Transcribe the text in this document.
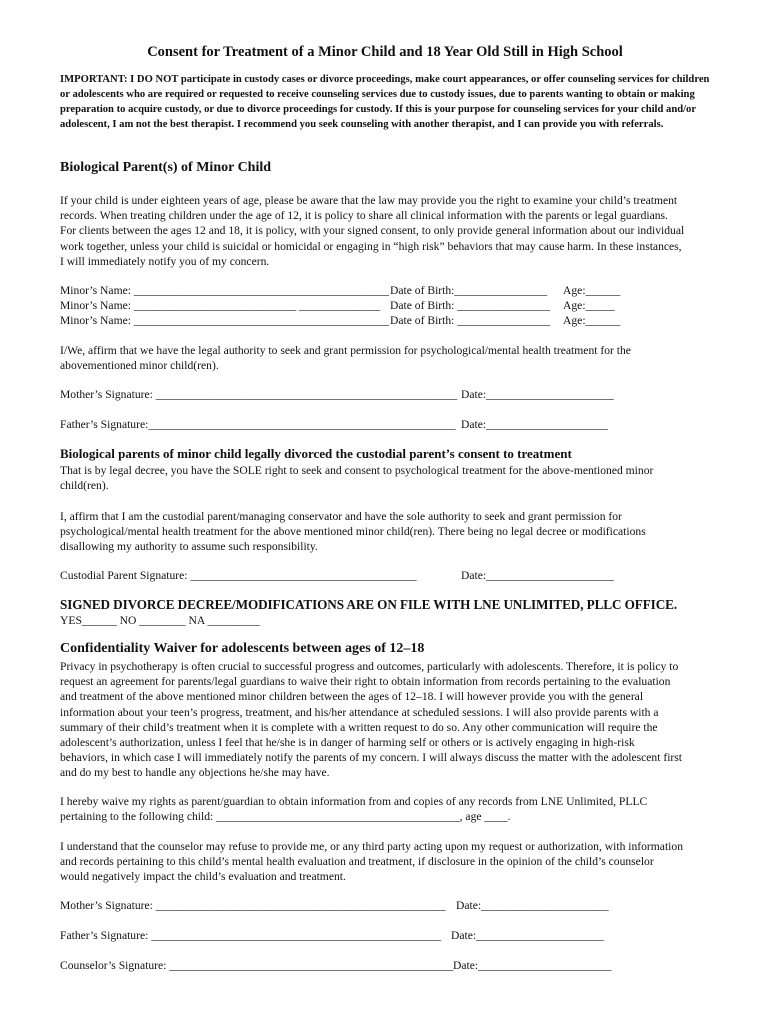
Consent for Treatment of a Minor Child and 18 Year Old Still in High School
IMPORTANT: I DO NOT participate in custody cases or divorce proceedings, make court appearances, or offer counseling services for children or adolescents who are required or requested to receive counseling services due to custody issues, due to parents wanting to obtain or making preparation to acquire custody, or due to divorce proceedings for custody. If this is your purpose for counseling services for your child and/or adolescent, I am not the best therapist. I recommend you seek counseling with another therapist, and I can provide you with referrals.
Biological Parent(s) of Minor Child
If your child is under eighteen years of age, please be aware that the law may provide you the right to examine your child’s treatment
records. When treating children under the age of 12, it is policy to share all clinical information with the parents or legal guardians.
For clients between the ages 12 and 18, it is policy, with your signed consent, to only provide general information about our individual
work together, unless your child is suicidal or homicidal or engaging in “high risk” behaviors that may cause harm. In these instances,
I will immediately notify you of my concern.
Minor’s Name: ____________________________________________ Date of Birth:________________ Age:______
Minor’s Name: ____________________________ ______________ Date of Birth: ________________ Age:_____
Minor’s Name: ____________________________________________ Date of Birth: ________________ Age:______
I/We, affirm that we have the legal authority to seek and grant permission for psychological/mental health treatment for the
abovementioned minor child(ren).
Mother’s Signature: ____________________________________________________ Date:______________________
Father’s Signature:_____________________________________________________ Date:_____________________
Biological parents of minor child legally divorced the custodial parent’s consent to treatment
That is by legal decree, you have the SOLE right to seek and consent to psychological treatment for the above-mentioned minor
child(ren).
I, affirm that I am the custodial parent/managing conservator and have the sole authority to seek and grant permission for
psychological/mental health treatment for the above mentioned minor child(ren). There being no legal decree or modifications
disallowing my authority to assume such responsibility.
Custodial Parent Signature: _______________________________________	Date:______________________
SIGNED DIVORCE DECREE/MODIFICATIONS ARE ON FILE WITH LNE UNLIMITED, PLLC OFFICE.
YES______ NO ________ NA _________
Confidentiality Waiver for adolescents between ages of 12–18
Privacy in psychotherapy is often crucial to successful progress and outcomes, particularly with adolescents. Therefore, it is policy to
request an agreement for parents/legal guardians to waive their right to obtain information from records pertaining to the evaluation
and treatment of the above mentioned minor children between the ages of 12–18. I will however provide you with the general
information about your teen’s progress, treatment, and his/her attendance at scheduled sessions. I will also provide parents with a
summary of their child’s treatment when it is complete with a written request to do so. Any other communication will require the
adolescent’s authorization, unless I feel that he/she is in danger of harming self or others or is actively engaging in high-risk
behaviors, in which case I will immediately notify the parents of my concern. I will always discuss the matter with the adolescent first
and do my best to handle any objections he/she may have.
I hereby waive my rights as parent/guardian to obtain information from and copies of any records from LNE Unlimited, PLLC
pertaining to the following child: __________________________________________, age ____.
I understand that the counselor may refuse to provide me, or any third party acting upon my request or authorization, with information
and records pertaining to this child’s mental health evaluation and treatment, if disclosure in the opinion of the child’s counselor
would negatively impact the child’s evaluation and treatment.
Mother’s Signature: __________________________________________________ Date:______________________
Father’s Signature: __________________________________________________ Date:______________________
Counselor’s Signature: _________________________________________________ Date:_______________________
